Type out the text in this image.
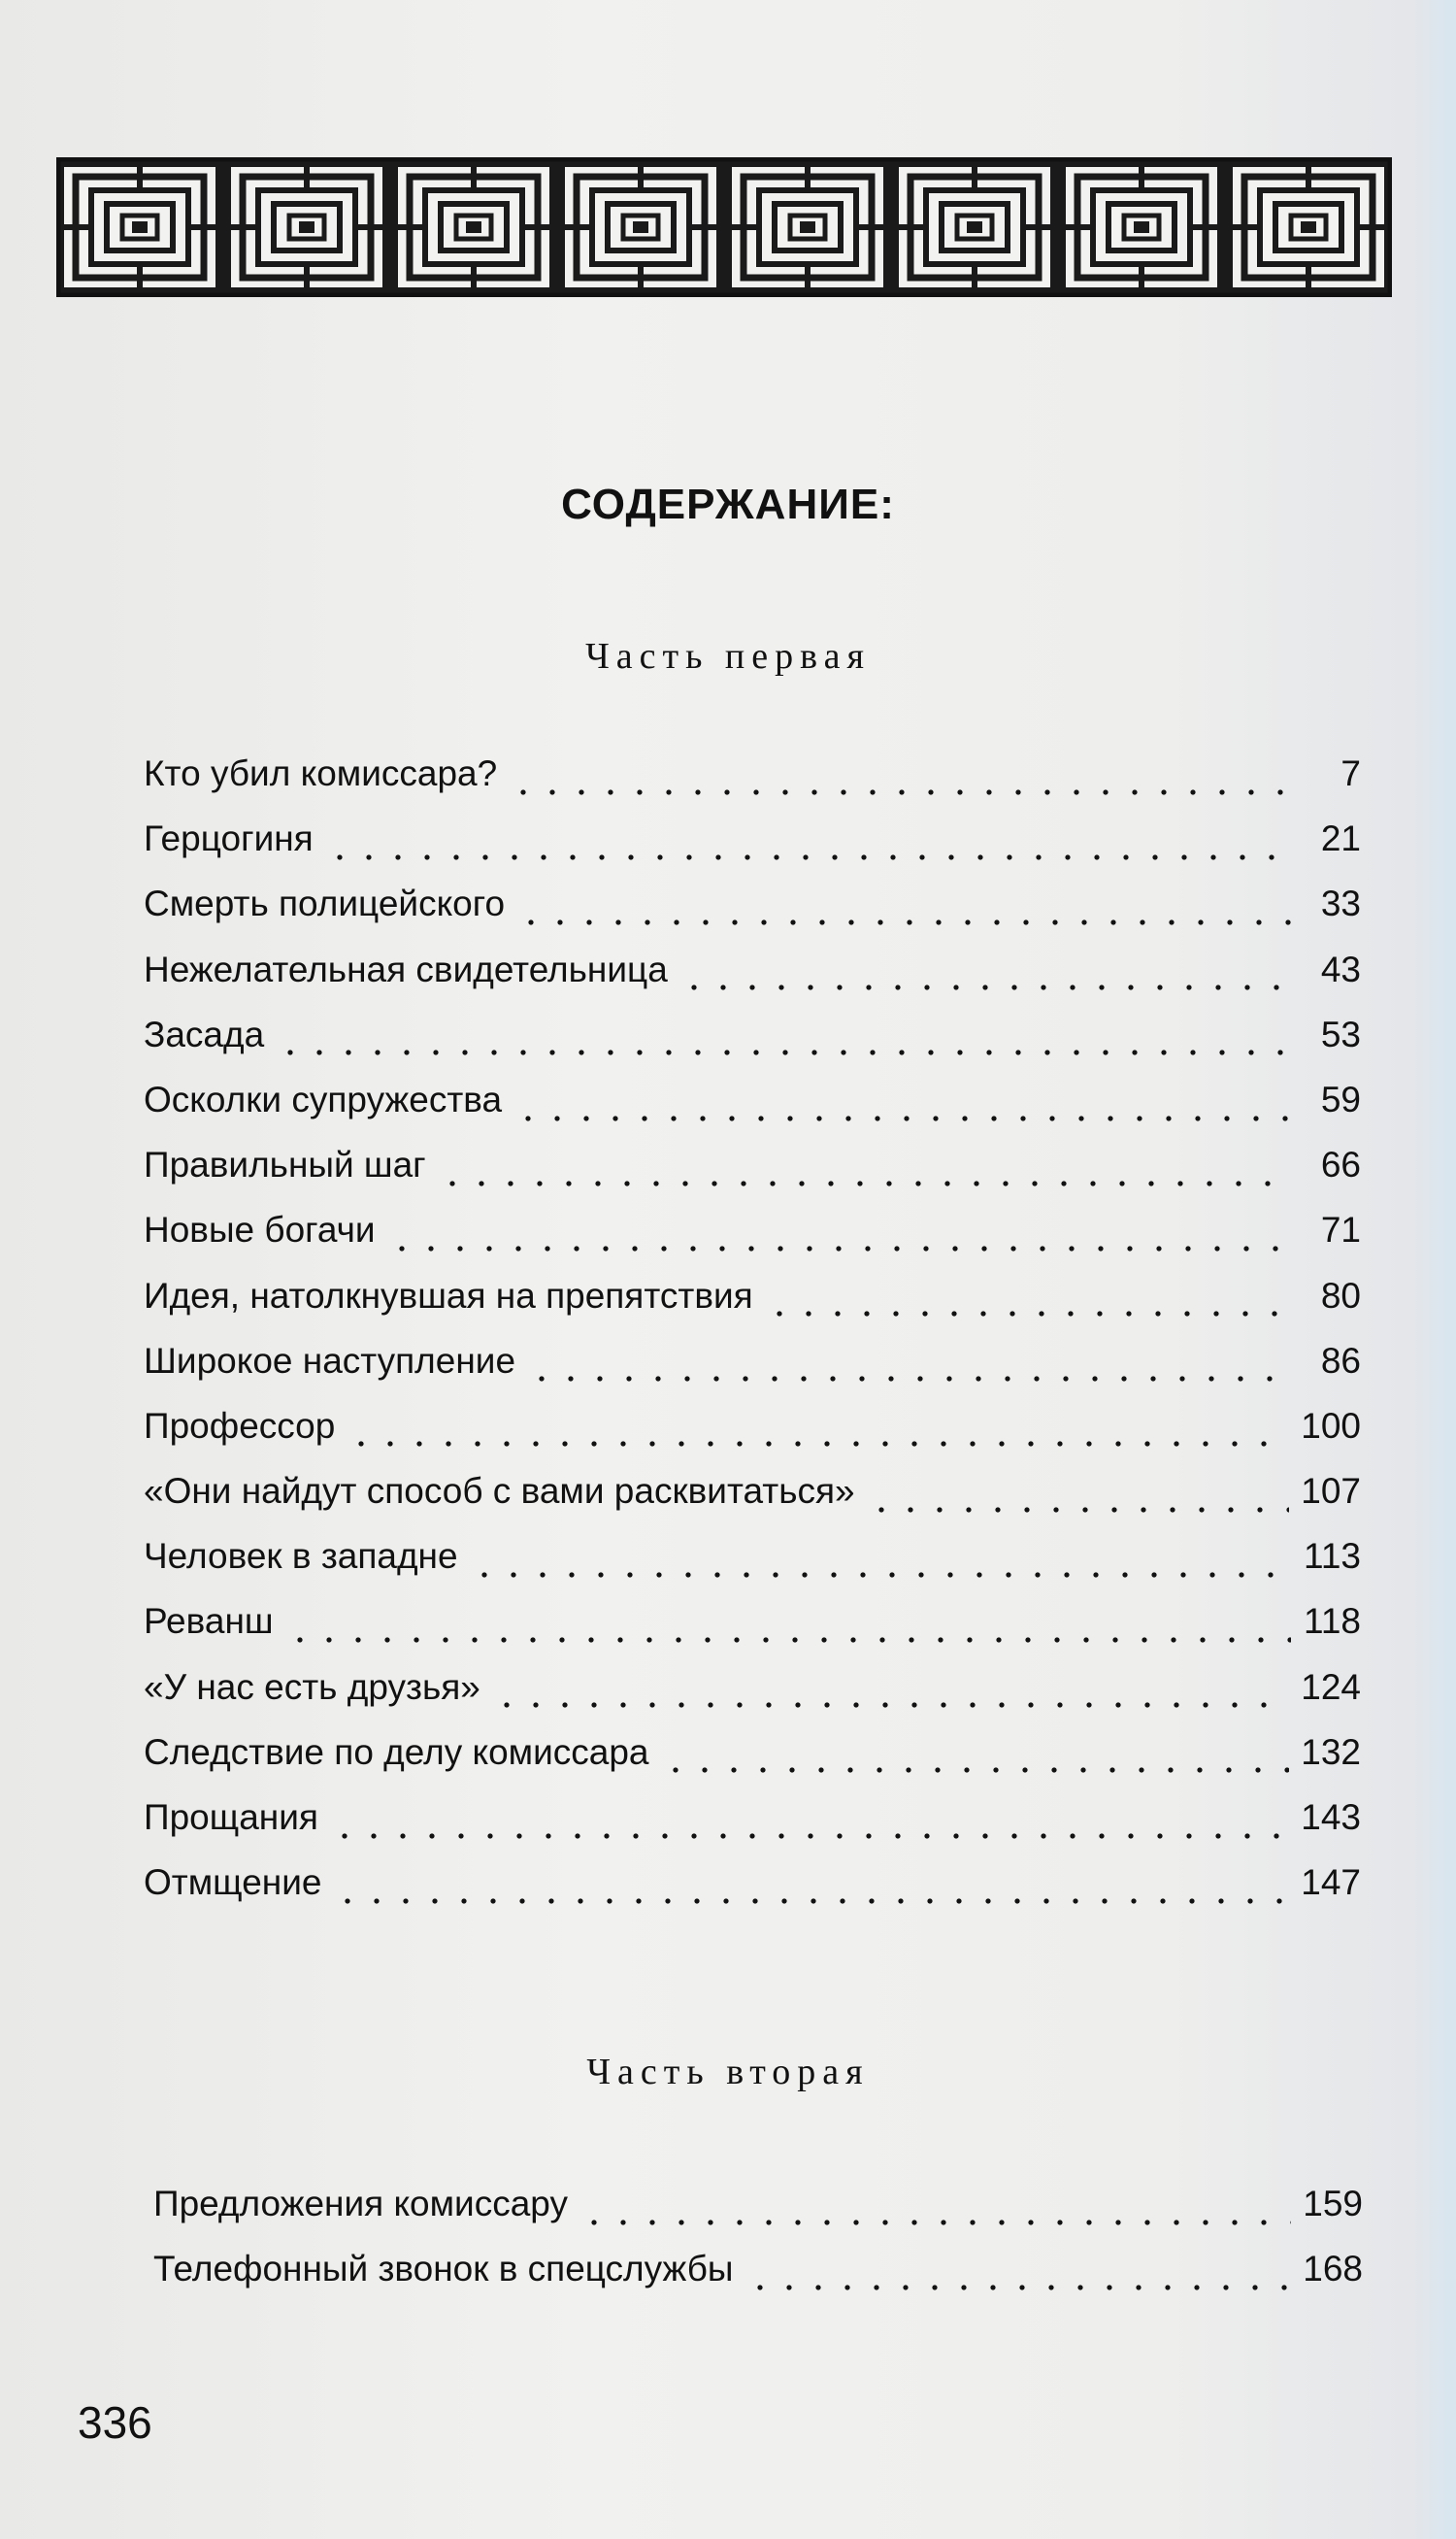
СОДЕРЖАНИЕ:
Часть первая
Кто убил комиссара?	7
Герцогиня	21
Смерть полицейского	33
Нежелательная свидетельница	43
Засада	53
Осколки супружества	59
Правильный шаг	66
Новые богачи	71
Идея, натолкнувшая на препятствия	80
Широкое наступление	86
Профессор	100
«Они найдут способ с вами расквитаться»	107
Человек в западне	113
Реванш	118
«У нас есть друзья»	124
Следствие по делу комиссара	132
Прощания	143
Отмщение	147
Часть вторая
Предложения комиссару	159
Телефонный звонок в спецслужбы	168
336
